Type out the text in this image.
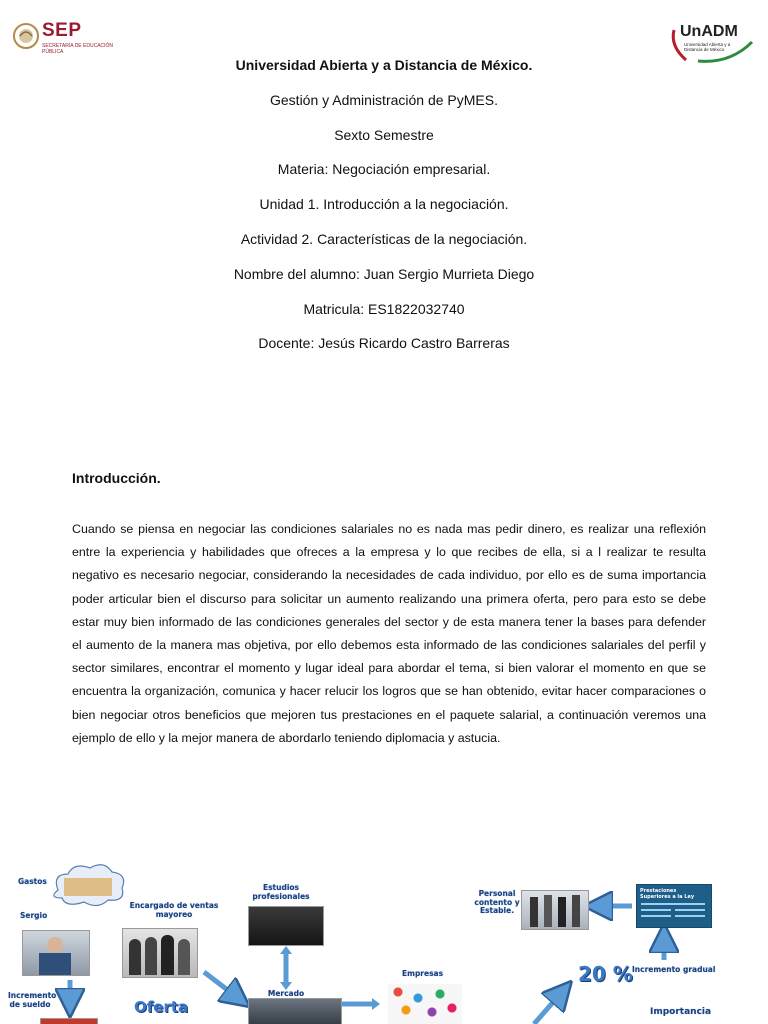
SEP
SECRETARÍA DE EDUCACIÓN PÚBLICA
UnADM
Universidad Abierta y a Distancia de México

Universidad Abierta y a Distancia de México.

Gestión y Administración de PyMES.

Sexto Semestre

Materia: Negociación empresarial.

Unidad 1. Introducción a la negociación.

Actividad 2. Características de la negociación.

Nombre del alumno: Juan Sergio Murrieta Diego

Matricula: ES1822032740

Docente: Jesús Ricardo Castro Barreras

Introducción.

Cuando se piensa en negociar las condiciones salariales no es nada mas pedir dinero, es realizar una reflexión entre la experiencia y habilidades que ofreces a la empresa y lo que recibes de ella, si a l realizar te resulta negativo es necesario negociar, considerando la necesidades de cada individuo, por ello es de suma importancia poder articular bien el discurso para solicitar un aumento realizando una primera oferta, pero para esto se debe estar muy bien informado de las condiciones generales del sector y de esta manera tener la bases para defender el aumento de la manera mas objetiva, por ello debemos esta informado de las condiciones salariales del perfil y sector similares, encontrar el momento y lugar ideal para abordar el tema, si bien valorar el momento en que se encuentra la organización, comunica y hacer relucir los logros que se han obtenido, evitar hacer comparaciones o bien negociar otros beneficios que mejoren tus prestaciones en el paquete salarial, a continuación veremos una ejemplo de ello y la mejor manera de abordarlo teniendo diplomacia y astucia.

Gastos
Sergio
Incremento de sueldo
Encargado de ventas mayoreo
Oferta
Estudios profesionales
Mercado
Empresas
Personal contento y Estable.
Prestaciones Superiores a la Ley
20 % Incremento gradual
Importancia
